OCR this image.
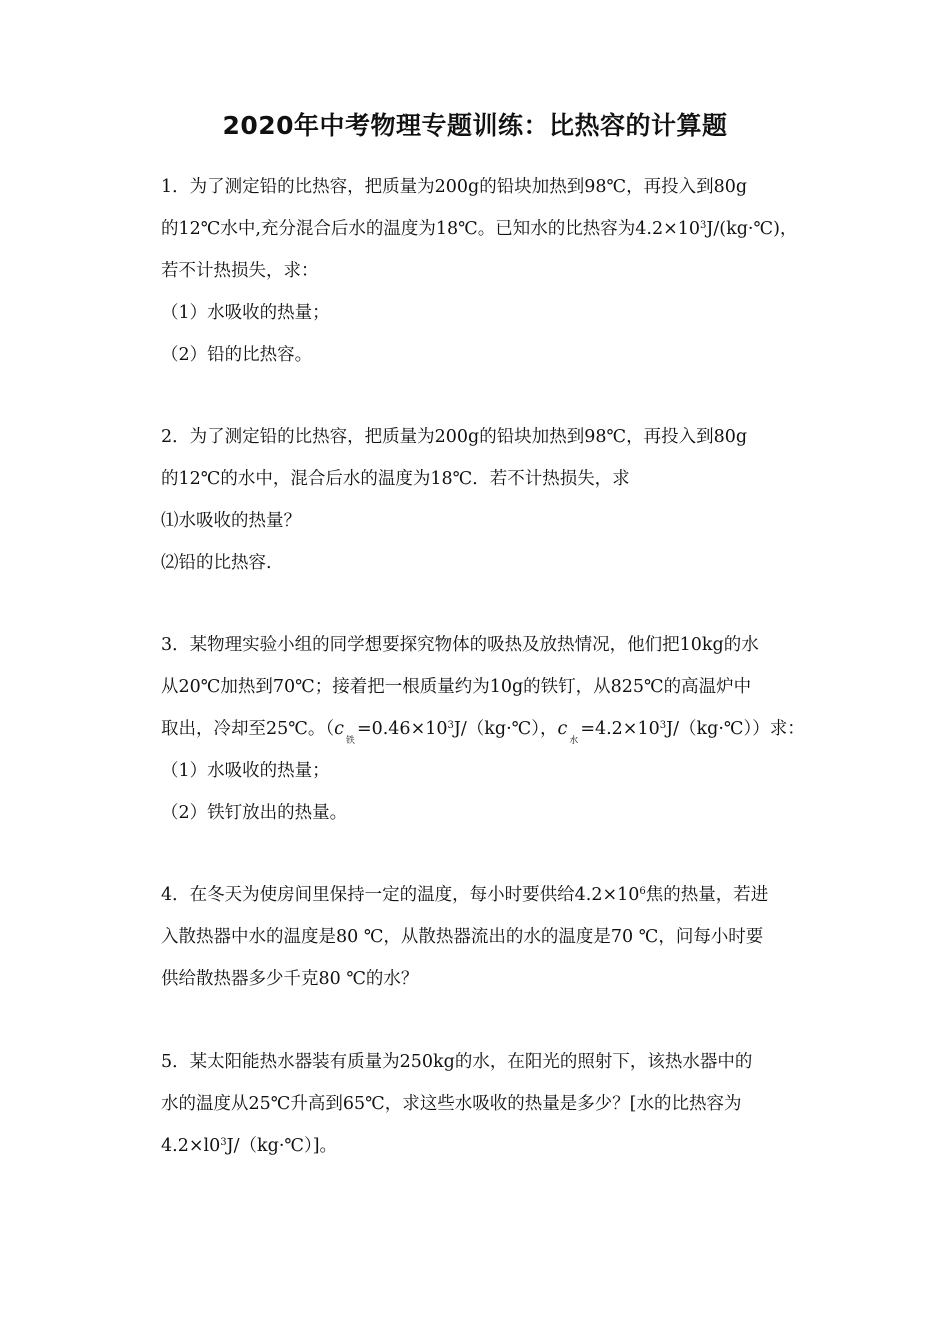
2020年中考物理专题训练：比热容的计算题
1．为了测定铅的比热容，把质量为200g的铅块加热到98℃，再投入到80g
的12℃水中,充分混合后水的温度为18℃。已知水的比热容为$4.2\times 10^3J/(kg\cdot℃)$，
若不计热损失，求：
（1）水吸收的热量；
（2）铅的比热容。
2．为了测定铅的比热容，把质量为200g的铅块加热到98℃，再投入到80g
的12℃的水中，混合后水的温度为18℃．若不计热损失，求
⑴水吸收的热量？
⑵铅的比热容.
3．某物理实验小组的同学想要探究物体的吸热及放热情况，他们把10kg的水
从20℃加热到70℃；接着把一根质量约为10g的铁钉，从825℃的高温炉中
取出，冷却至25℃。（$c_铁=0.46\times 10^3J/(kg\cdot℃)$，$c_水=4.2\times 10^3J/(kg\cdot℃)$）求：
（1）水吸收的热量；
（2）铁钉放出的热量。
4．在冬天为使房间里保持一定的温度，每小时要供给$4.2\times 10^6$焦的热量，若进
入散热器中水的温度是80 ℃，从散热器流出的水的温度是70 ℃，问每小时要
供给散热器多少千克80 ℃的水？
5．某太阳能热水器装有质量为250kg的水，在阳光的照射下，该热水器中的
水的温度从25℃升高到65℃，求这些水吸收的热量是多少？[水的比热容为
$4.2\times l0^3J/(kg\cdot℃)$]。
